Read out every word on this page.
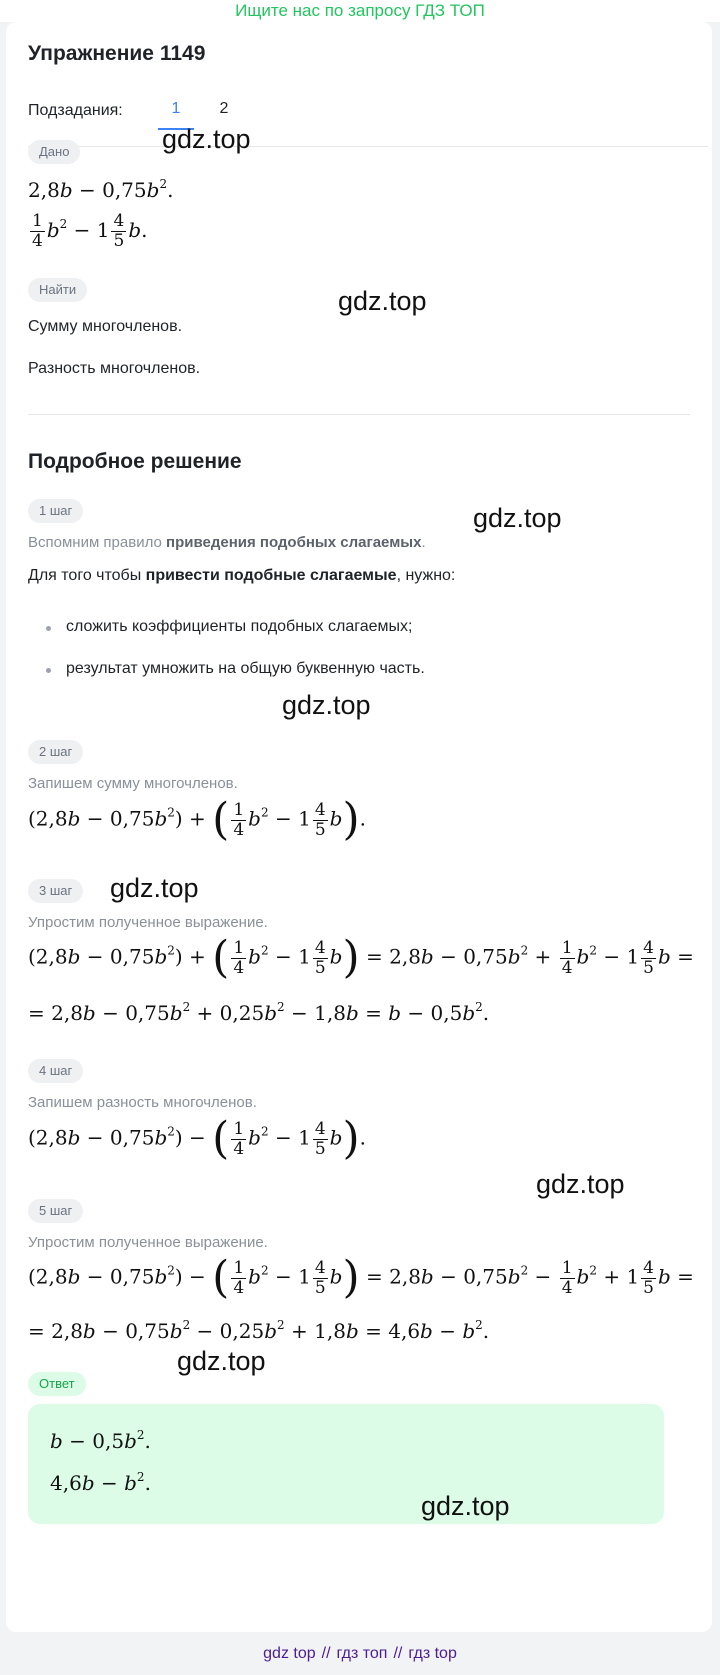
Ищите нас по запросу ГДЗ ТОП
Упражнение 1149
Подзадания:	1	2
Дано
$2,8b - 0,75b^2$.
$\frac{1}{4} b^2 - 1 \frac{4}{5} b$.
Найти
Сумму многочленов.
Разность многочленов.
Подробное решение
1 шаг
Вспомним правило приведения подобных слагаемых.
Для того чтобы привести подобные слагаемые, нужно:
сложить коэффициенты подобных слагаемых;
результат умножить на общую буквенную часть.
2 шаг
Запишем сумму многочленов.
$(2,8b - 0,75b^2)$ + ( $\frac{1}{4} b^2 - 1 \frac{4}{5} b$).
3 шаг
Упростим полученное выражение.
$(2,8b - 0,75b^2)$ + ( $\frac{1}{4} b^2 - 1 \frac{4}{5} b) = 2,8b - 0,75b^2 + \frac{1}{4} b^2 - 1 \frac{4}{5}$ b =
= $2,8b - 0,75b^2 + 0,25b^2 - 1,8b = b - 0,5b^2$.
4 шаг
Запишем разность многочленов.
$(2,8b - 0,75b^2)$ − ( $\frac{1}{4} b^2 - 1 \frac{4}{5} b$).
5 шаг
Упростим полученное выражение.
$(2,8b - 0,75b^2)$ − ( $\frac{1}{4} b^2 - 1 \frac{4}{5} b) = 2,8b - 0,75b^2 - \frac{1}{4} b^2 + 1 \frac{4}{5}$ b =
= $2,8b - 0,75b^2 - 0,25b^2 + 1,8b = 4,6b - b^2$.
Ответ
$b - 0,5b^2$.
$4,6b - b^2$.
gdz.top
gdz.top
gdz.top
gdz.top
gdz.top
gdz.top
gdz.top
gdz.top
gdz top // гдз топ // гдз top
